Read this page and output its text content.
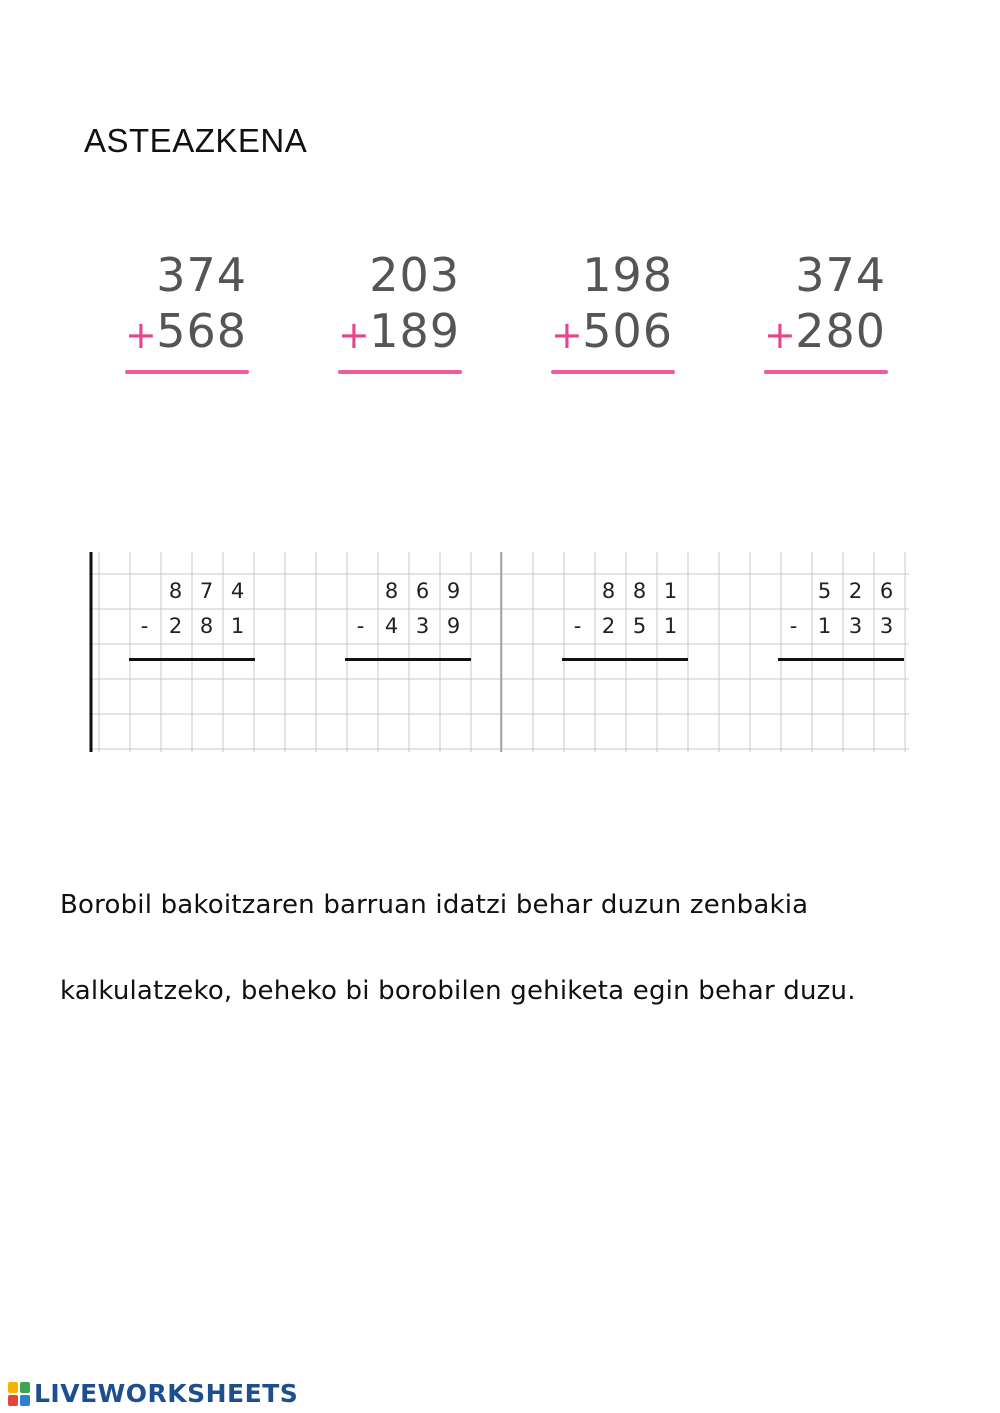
ASTEAZKENA
374
+ 568
203
+ 189
198
+ 506
374
+ 280
8 7 4
- 2 8 1
8 6 9
- 4 3 9
8 8 1
- 2 5 1
5 2 6
- 1 3 3
Borobil bakoitzaren barruan idatzi behar duzun zenbakia
kalkulatzeko, beheko bi borobilen gehiketa egin behar duzu.
LIVEWORKSHEETS
